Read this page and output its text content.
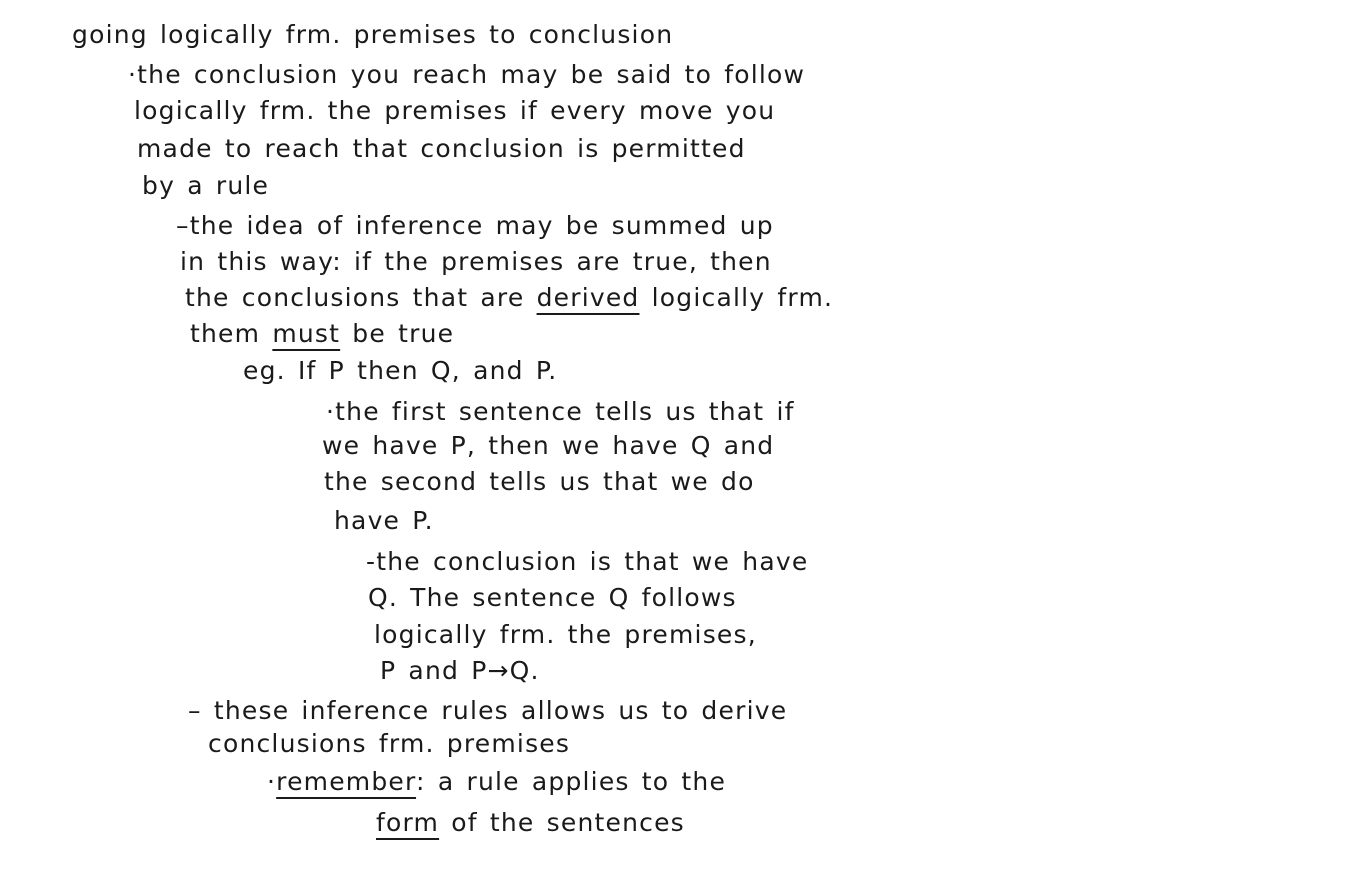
going logically frm. premises to conclusion
·the conclusion you reach may be said to follow
logically frm. the premises if every move you
made to reach that conclusion is permitted
by a rule
–the idea of inference may be summed up
in this way: if the premises are true, then
the conclusions that are derived logically frm.
them must be true
eg. If P then Q, and P.
·the first sentence tells us that if
we have P, then we have Q and
the second tells us that we do
have P.
-the conclusion is that we have
Q. The sentence Q follows
logically frm. the premises,
P and P→Q.
– these inference rules allows us to derive
conclusions frm. premises
·remember: a rule applies to the
form of the sentences
